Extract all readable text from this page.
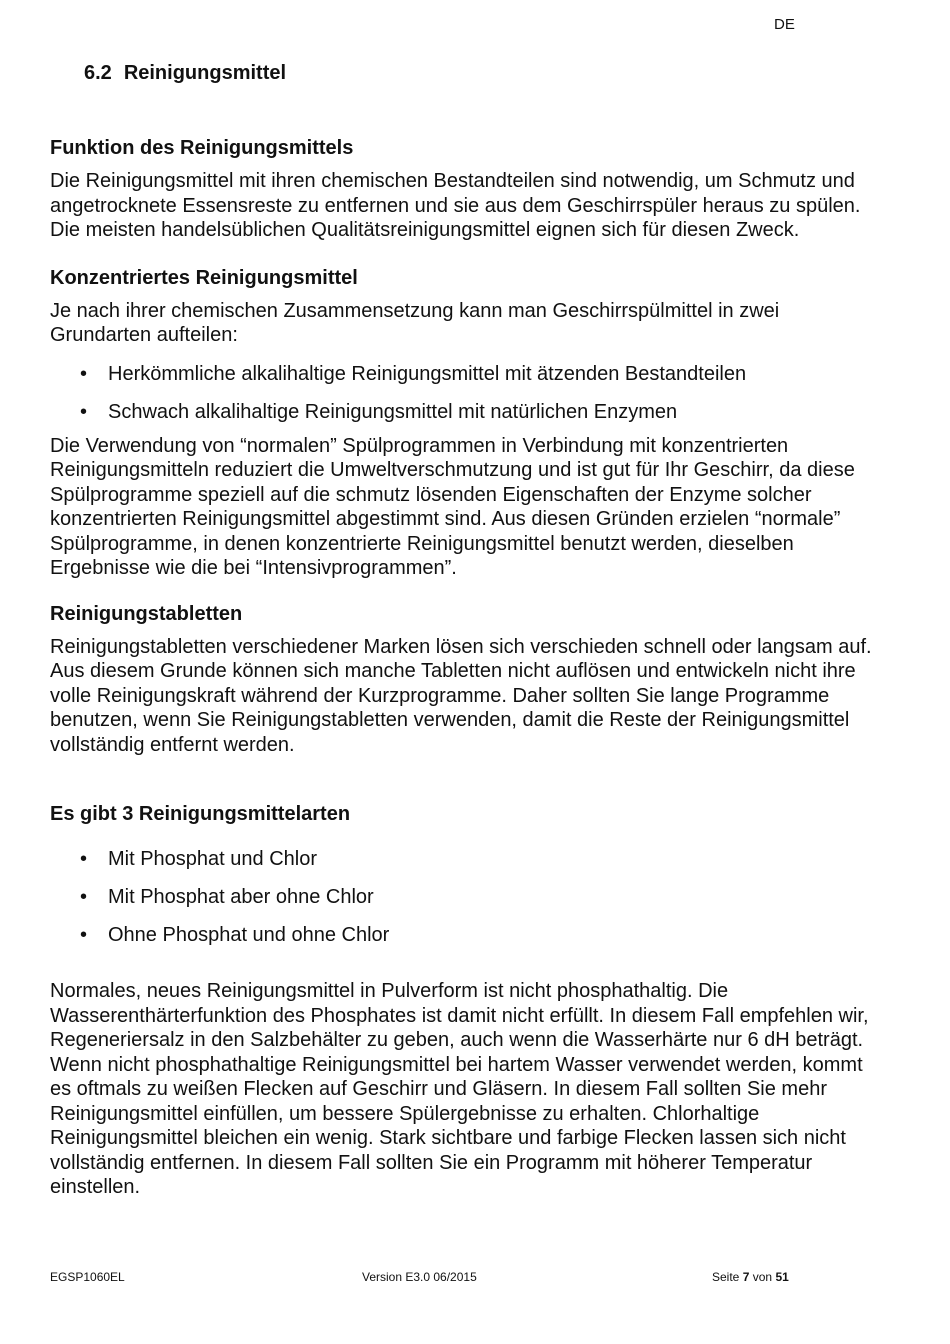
DE
6.2 Reinigungsmittel
Funktion des Reinigungsmittels

Die Reinigungsmittel mit ihren chemischen Bestandteilen sind notwendig, um Schmutz und angetrocknete Essensreste zu entfernen und sie aus dem Geschirrspüler heraus zu spülen. Die meisten handelsüblichen Qualitätsreinigungsmittel eignen sich für diesen Zweck.

Konzentriertes Reinigungsmittel

Je nach ihrer chemischen Zusammensetzung kann man Geschirrspülmittel in zwei Grundarten aufteilen:

• Herkömmliche alkalihaltige Reinigungsmittel mit ätzenden Bestandteilen
• Schwach alkalihaltige Reinigungsmittel mit natürlichen Enzymen

Die Verwendung von “normalen” Spülprogrammen in Verbindung mit konzentrierten Reinigungsmitteln reduziert die Umweltverschmutzung und ist gut für Ihr Geschirr, da diese Spülprogramme speziell auf die schmutz lösenden Eigenschaften der Enzyme solcher konzentrierten Reinigungsmittel abgestimmt sind. Aus diesen Gründen erzielen “normale” Spülprogramme, in denen konzentrierte Reinigungsmittel benutzt werden, dieselben Ergebnisse wie die bei “Intensivprogrammen”.

Reinigungstabletten

Reinigungstabletten verschiedener Marken lösen sich verschieden schnell oder langsam auf. Aus diesem Grunde können sich manche Tabletten nicht auflösen und entwickeln nicht ihre volle Reinigungskraft während der Kurzprogramme. Daher sollten Sie lange Programme benutzen, wenn Sie Reinigungstabletten verwenden, damit die Reste der Reinigungsmittel vollständig entfernt werden.

Es gibt 3 Reinigungsmittelarten
• Mit Phosphat und Chlor
• Mit Phosphat aber ohne Chlor
• Ohne Phosphat und ohne Chlor

Normales, neues Reinigungsmittel in Pulverform ist nicht phosphathaltig. Die Wasserenthärterfunktion des Phosphates ist damit nicht erfüllt. In diesem Fall empfehlen wir, Regeneriersalz in den Salzbehälter zu geben, auch wenn die Wasserhärte nur 6 dH beträgt. Wenn nicht phosphathaltige Reinigungsmittel bei hartem Wasser verwendet werden, kommt es oftmals zu weißen Flecken auf Geschirr und Gläsern. In diesem Fall sollten Sie mehr Reinigungsmittel einfüllen, um bessere Spülergebnisse zu erhalten. Chlorhaltige Reinigungsmittel bleichen ein wenig. Stark sichtbare und farbige Flecken lassen sich nicht vollständig entfernen. In diesem Fall sollten Sie ein Programm mit höherer Temperatur einstellen.

EGSP1060EL	Version E3.0 06/2015	Seite 7 von 51
